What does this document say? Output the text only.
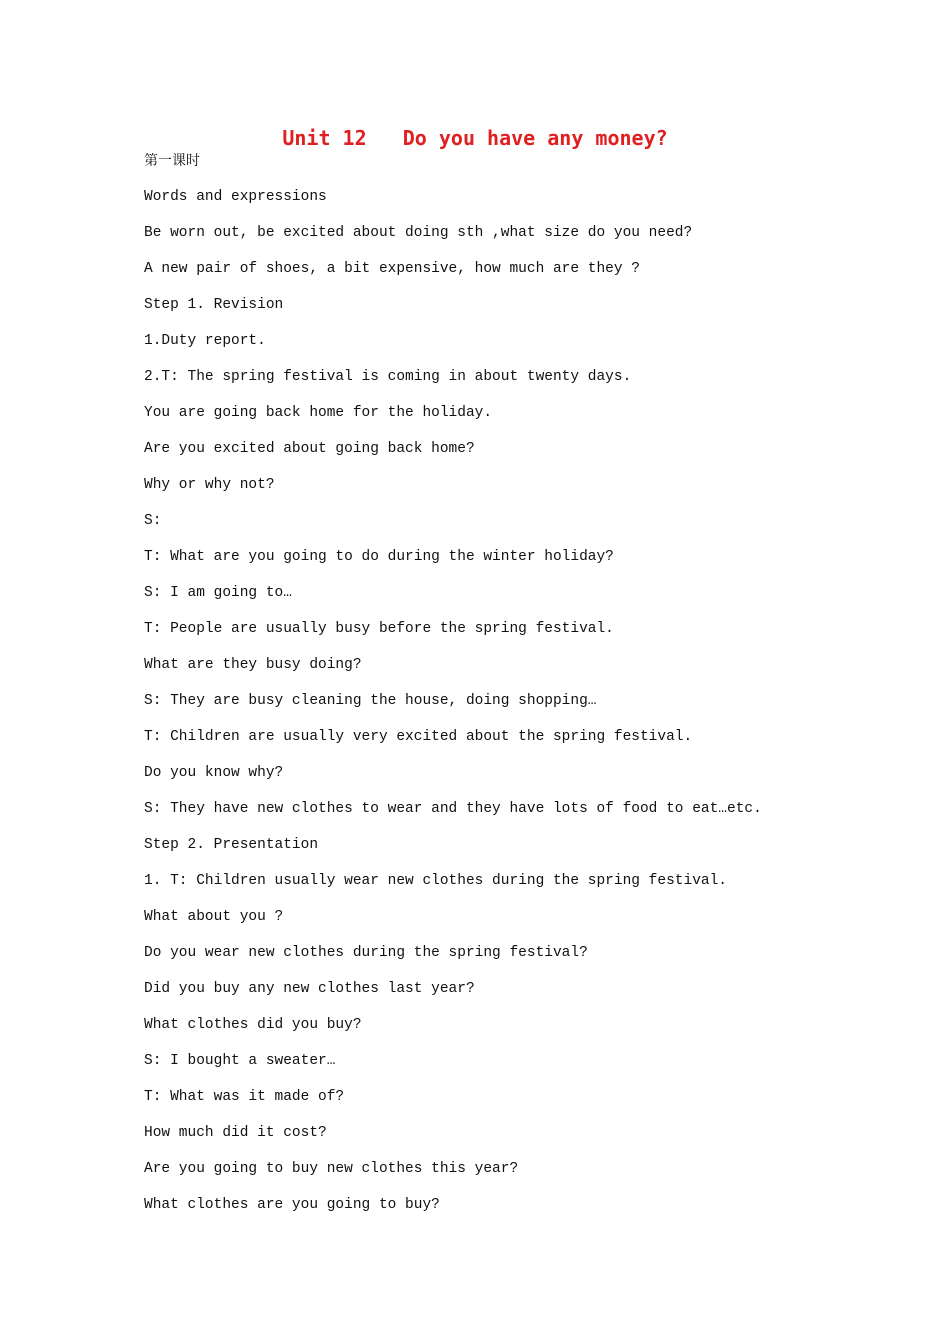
Unit 12   Do you have any money?
第一课时
Words and expressions
Be worn out, be excited about doing sth ,what size do you need?
A new pair of shoes, a bit expensive, how much are they ?
Step 1. Revision
1.Duty report.
2.T: The spring festival is coming in about twenty days.
You are going back home for the holiday.
Are you excited about going back home?
Why or why not?
S:
T: What are you going to do during the winter holiday?
S: I am going to…
T: People are usually busy before the spring festival.
What are they busy doing?
S: They are busy cleaning the house, doing shopping…
T: Children are usually very excited about the spring festival.
Do you know why?
S: They have new clothes to wear and they have lots of food to eat…etc.
Step 2. Presentation
1. T: Children usually wear new clothes during the spring festival.
What about you ?
Do you wear new clothes during the spring festival?
Did you buy any new clothes last year?
What clothes did you buy?
S: I bought a sweater…
T: What was it made of?
How much did it cost?
Are you going to buy new clothes this year?
What clothes are you going to buy?
